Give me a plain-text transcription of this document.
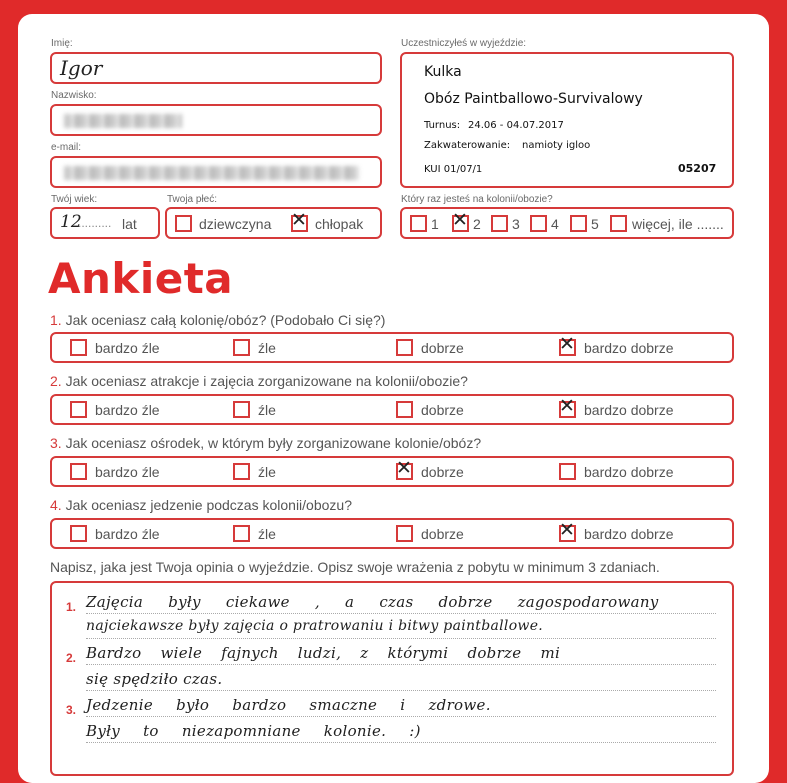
Imię:
Igor
Nazwisko:
e-mail:
Twój wiek:
12
.......... lat
Twoja płeć:
dziewczyna ✕ chłopak
Uczestniczyłeś w wyjeździe:
Kulka
Obóz Paintballowo-Survivalowy
Turnus: 24.06 - 04.07.2017
Zakwaterowanie: namioty igloo
KUI 01/07/1	05207
Który raz jesteś na kolonii/obozie?
1 ✕ 2 3 4 5 więcej, ile .......
Ankieta
1. Jak oceniasz całą kolonię/obóz? (Podobało Ci się?)
bardzo źle	źle	dobrze	✕ bardzo dobrze
2. Jak oceniasz atrakcje i zajęcia zorganizowane na kolonii/obozie?
bardzo źle	źle	dobrze	✕ bardzo dobrze
3. Jak oceniasz ośrodek, w którym były zorganizowane kolonie/obóz?
bardzo źle	źle	✕ dobrze	bardzo dobrze
4. Jak oceniasz jedzenie podczas kolonii/obozu?
bardzo źle	źle	dobrze	✕ bardzo dobrze
Napisz, jaka jest Twoja opinia o wyjeździe. Opisz swoje wrażenia z pobytu w minimum 3 zdaniach.
1.
2.
3.
Zajęcia były ciekawe , a czas dobrze zagospodarowany
najciekawsze były zajęcia o pratrowaniu i bitwy paintballowe.
Bardzo wiele fajnych ludzi, z którymi dobrze mi
się spędziło czas.
Jedzenie było bardzo smaczne i zdrowe.
Były to niezapomniane kolonie. :)
